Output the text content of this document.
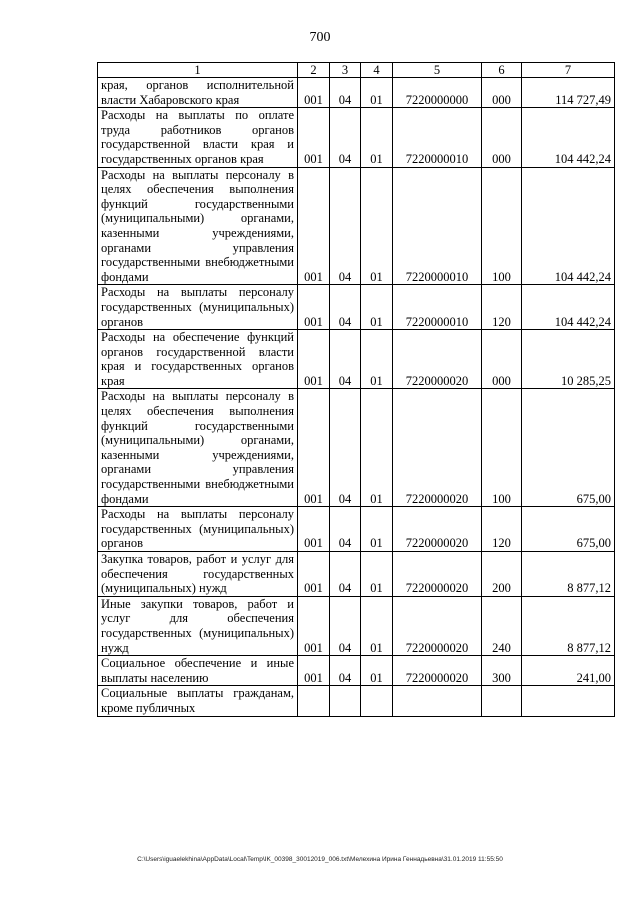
700
1	2	3	4	5	6	7
края, органов исполнительной власти Хабаровского края	001	04	01	7220000000	000	114 727,49
Расходы на выплаты по оплате труда работников органов государственной власти края и государственных органов края	001	04	01	7220000010	000	104 442,24
Расходы на выплаты персоналу в целях обеспечения выполнения функций государственными (муниципальными) органами, казенными учреждениями, органами управления государственными внебюджетными фондами	001	04	01	7220000010	100	104 442,24
Расходы на выплаты персоналу государственных (муниципальных) органов	001	04	01	7220000010	120	104 442,24
Расходы на обеспечение функций органов государственной власти края и государственных органов края	001	04	01	7220000020	000	10 285,25
Расходы на выплаты персоналу в целях обеспечения выполнения функций государственными (муниципальными) органами, казенными учреждениями, органами управления государственными внебюджетными фондами	001	04	01	7220000020	100	675,00
Расходы на выплаты персоналу государственных (муниципальных) органов	001	04	01	7220000020	120	675,00
Закупка товаров, работ и услуг для обеспечения государственных (муниципальных) нужд	001	04	01	7220000020	200	8 877,12
Иные закупки товаров, работ и услуг для обеспечения государственных (муниципальных) нужд	001	04	01	7220000020	240	8 877,12
Социальное обеспечение и иные выплаты населению	001	04	01	7220000020	300	241,00
Социальные выплаты гражданам, кроме публичных						
C:\Users\iguaelekhina\AppData\Local\Temp\IK_00398_30012019_006.txt\Мелехина Ирина Геннадьевна\31.01.2019 11:55:50
